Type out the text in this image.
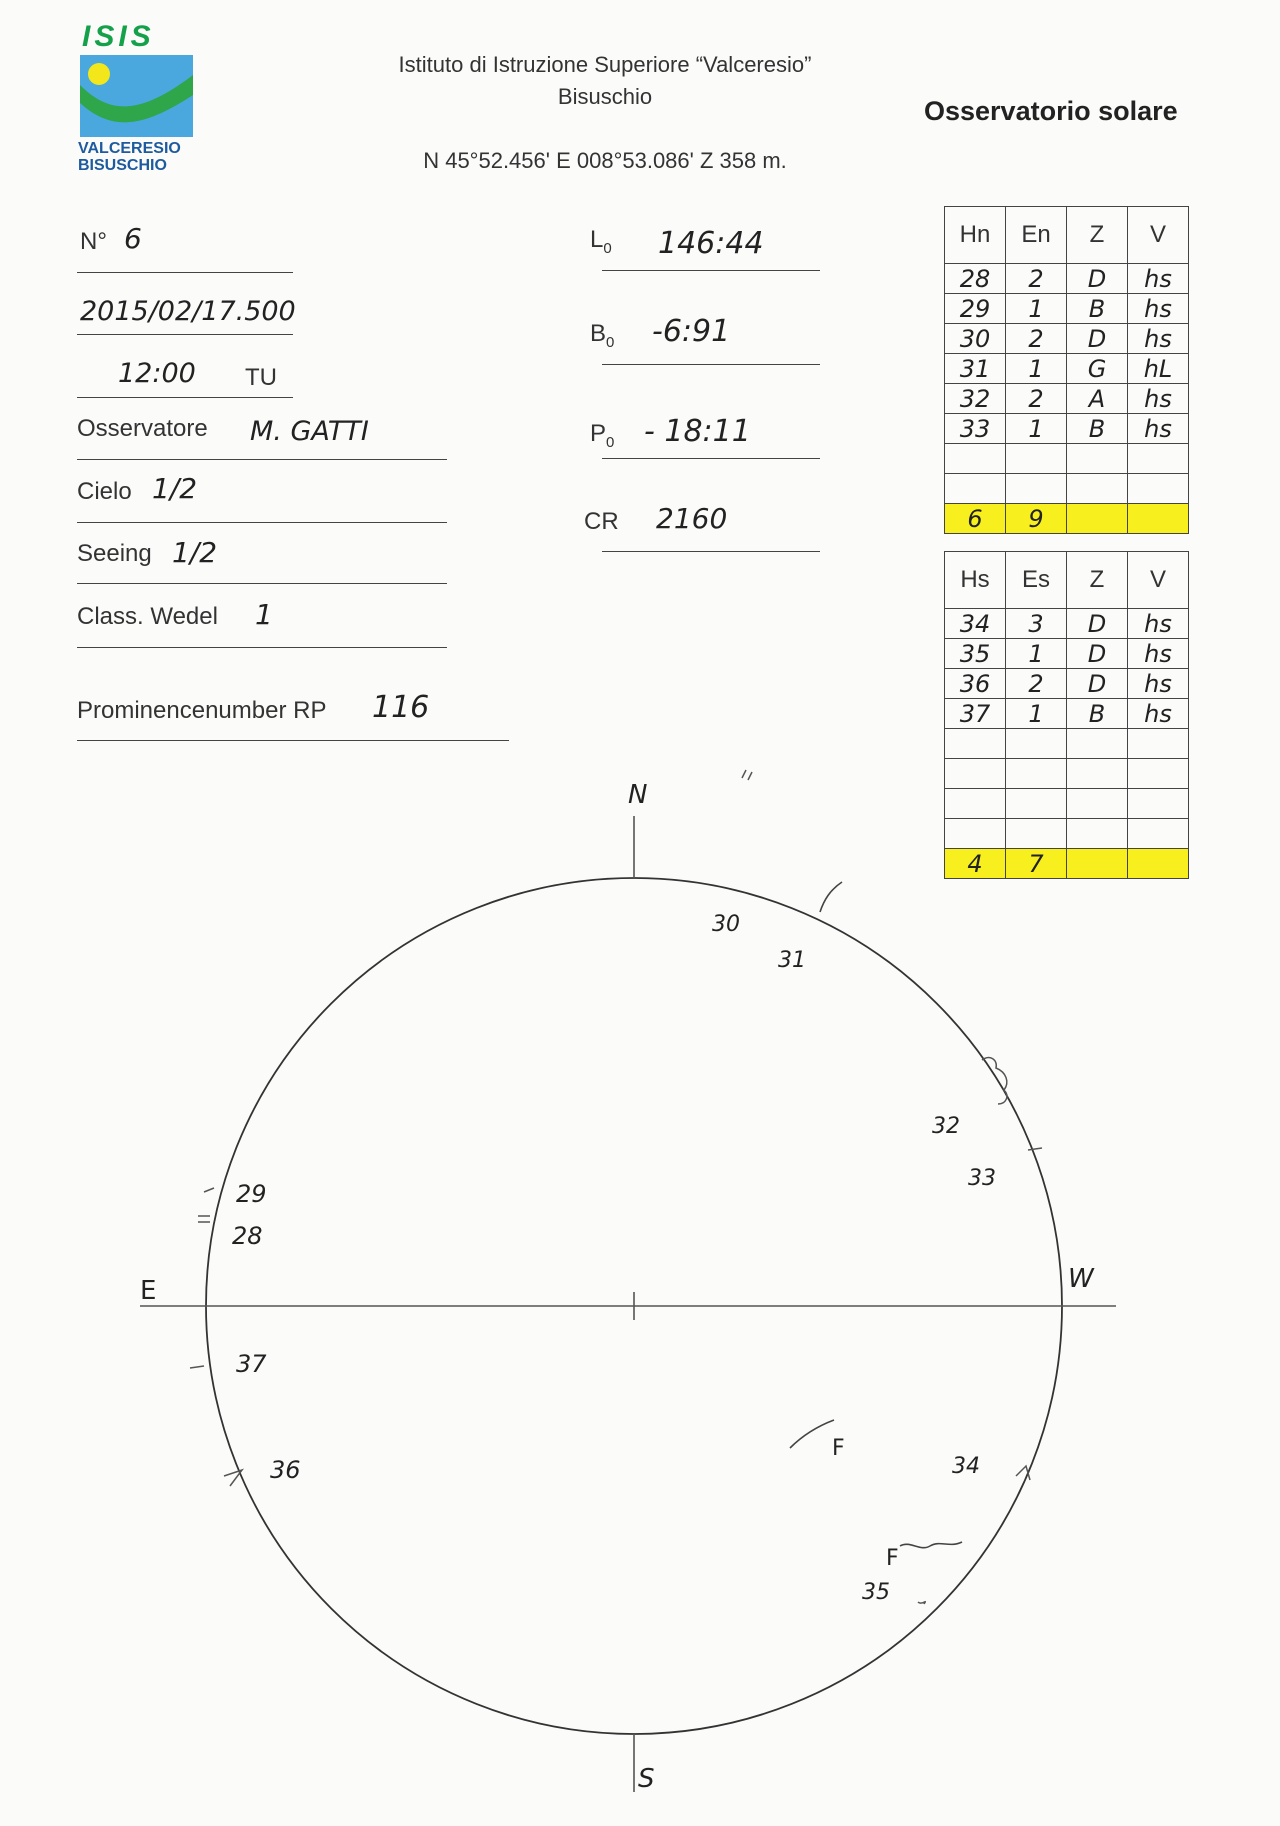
ISIS
VALCERESIO
BISUSCHIO
Istituto di Istruzione Superiore “Valceresio”
Bisuschio
N 45°52.456' E 008°53.086' Z 358 m.
Osservatorio solare
N° 6
2015/02/17.500
12:00 TU
Osservatore M. GATTI
Cielo 1/2
Seeing 1/2
Class. Wedel 1
Prominencenumber RP 116
$L_0$ 146:44
$B_0$ -6:91
$P_0$ - 18:11
CR 2160
Hn	En	Z	V
28	2	D	hs
29	1	B	hs
30	2	D	hs
31	1	G	hL
32	2	A	hs
33	1	B	hs

6	9		
Hs	Es	Z	V
34	3	D	hs
35	1	D	hs
36	2	D	hs
37	1	B	hs

4	7		
N
S
E	W
30
31
32
33
29
28
37
36	34
35
F
F
